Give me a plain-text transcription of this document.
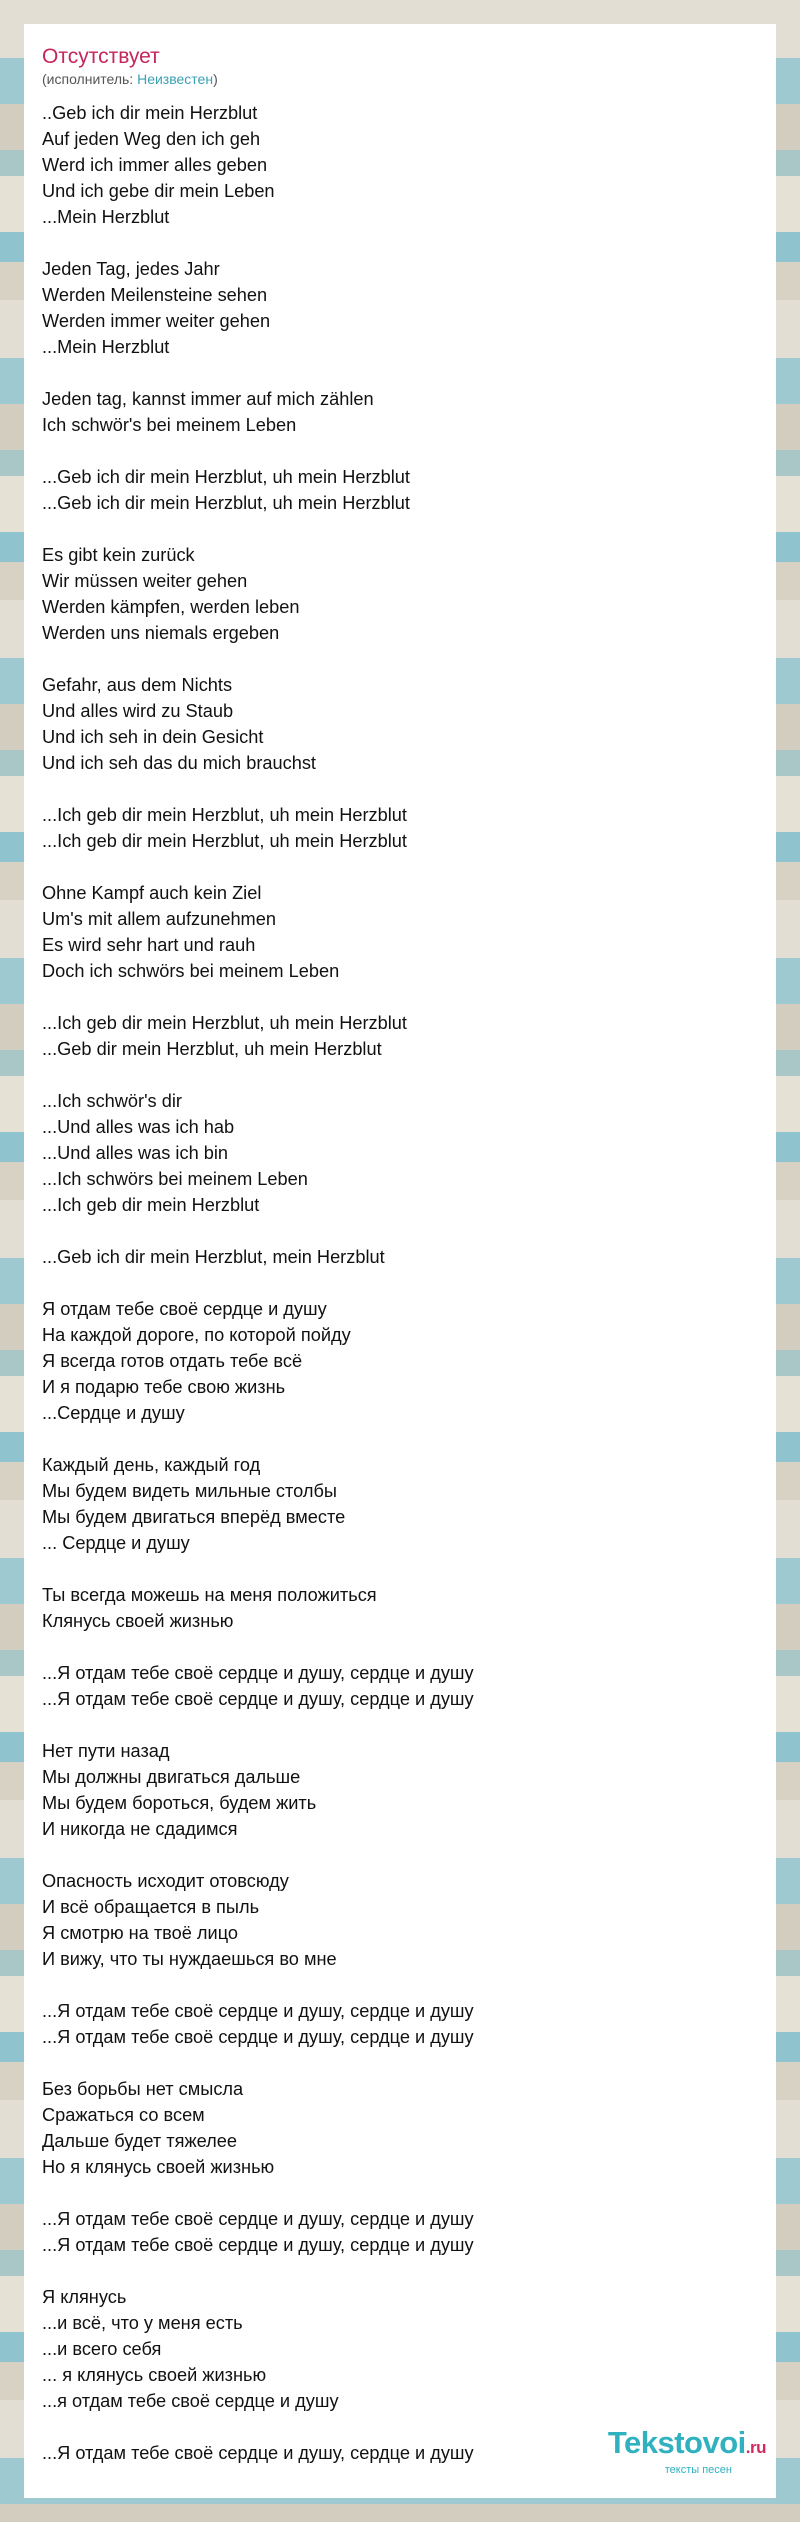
Отсутствует
(исполнитель: Неизвестен)
..Geb ich dir mein Herzblut
Auf jeden Weg den ich geh
Werd ich immer alles geben
Und ich gebe dir mein Leben
...Mein Herzblut
Jeden Tag, jedes Jahr
Werden Meilensteine sehen
Werden immer weiter gehen
...Mein Herzblut
Jeden tag, kannst immer auf mich zählen
Ich schwör's bei meinem Leben
...Geb ich dir mein Herzblut, uh mein Herzblut
...Geb ich dir mein Herzblut, uh mein Herzblut
Es gibt kein zurück
Wir müssen weiter gehen
Werden kämpfen, werden leben
Werden uns niemals ergeben
Gefahr, aus dem Nichts
Und alles wird zu Staub
Und ich seh in dein Gesicht
Und ich seh das du mich brauchst
...Ich geb dir mein Herzblut, uh mein Herzblut
...Ich geb dir mein Herzblut, uh mein Herzblut
Ohne Kampf auch kein Ziel
Um's mit allem aufzunehmen
Es wird sehr hart und rauh
Doch ich schwörs bei meinem Leben
...Ich geb dir mein Herzblut, uh mein Herzblut
...Geb dir mein Herzblut, uh mein Herzblut
...Ich schwör's dir
...Und alles was ich hab
...Und alles was ich bin
...Ich schwörs bei meinem Leben
...Ich geb dir mein Herzblut
...Geb ich dir mein Herzblut, mein Herzblut
Я отдам тебе своё сердце и душу
На каждой дороге, по которой пойду
Я всегда готов отдать тебе всё
И я подарю тебе свою жизнь
...Сердце и душу
Каждый день, каждый год
Мы будем видеть мильные столбы
Мы будем двигаться вперёд вместе
... Сердце и душу
Ты всегда можешь на меня положиться
Клянусь своей жизнью
...Я отдам тебе своё сердце и душу, сердце и душу
...Я отдам тебе своё сердце и душу, сердце и душу
Нет пути назад
Мы должны двигаться дальше
Мы будем бороться, будем жить
И никогда не сдадимся
Опасность исходит отовсюду
И всё обращается в пыль
Я смотрю на твоё лицо
И вижу, что ты нуждаешься во мне
...Я отдам тебе своё сердце и душу, сердце и душу
...Я отдам тебе своё сердце и душу, сердце и душу
Без борьбы нет смысла
Сражаться со всем
Дальше будет тяжелее
Но я клянусь своей жизнью
...Я отдам тебе своё сердце и душу, сердце и душу
...Я отдам тебе своё сердце и душу, сердце и душу
Я клянусь
...и всё, что у меня есть
...и всего себя
... я клянусь своей жизнью
...я отдам тебе своё сердце и душу
...Я отдам тебе своё сердце и душу, сердце и душу	Tekstovoi.ru
тексты песен
